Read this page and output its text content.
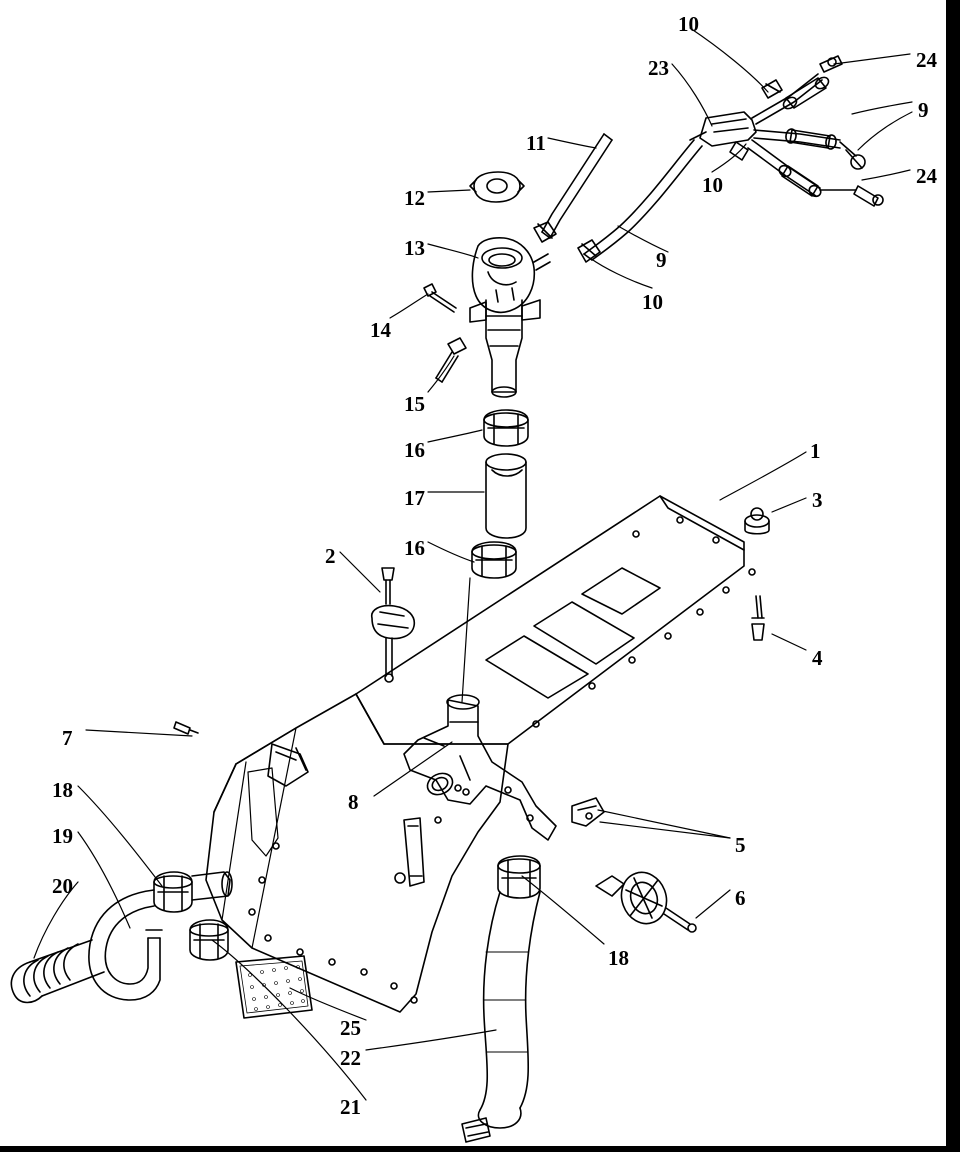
1
2
3
4
5
6
7
8
9
9
10
10
10
11
12
13
14
15
16
16
17
18
18
19
20
21
22
23	24
24
25
